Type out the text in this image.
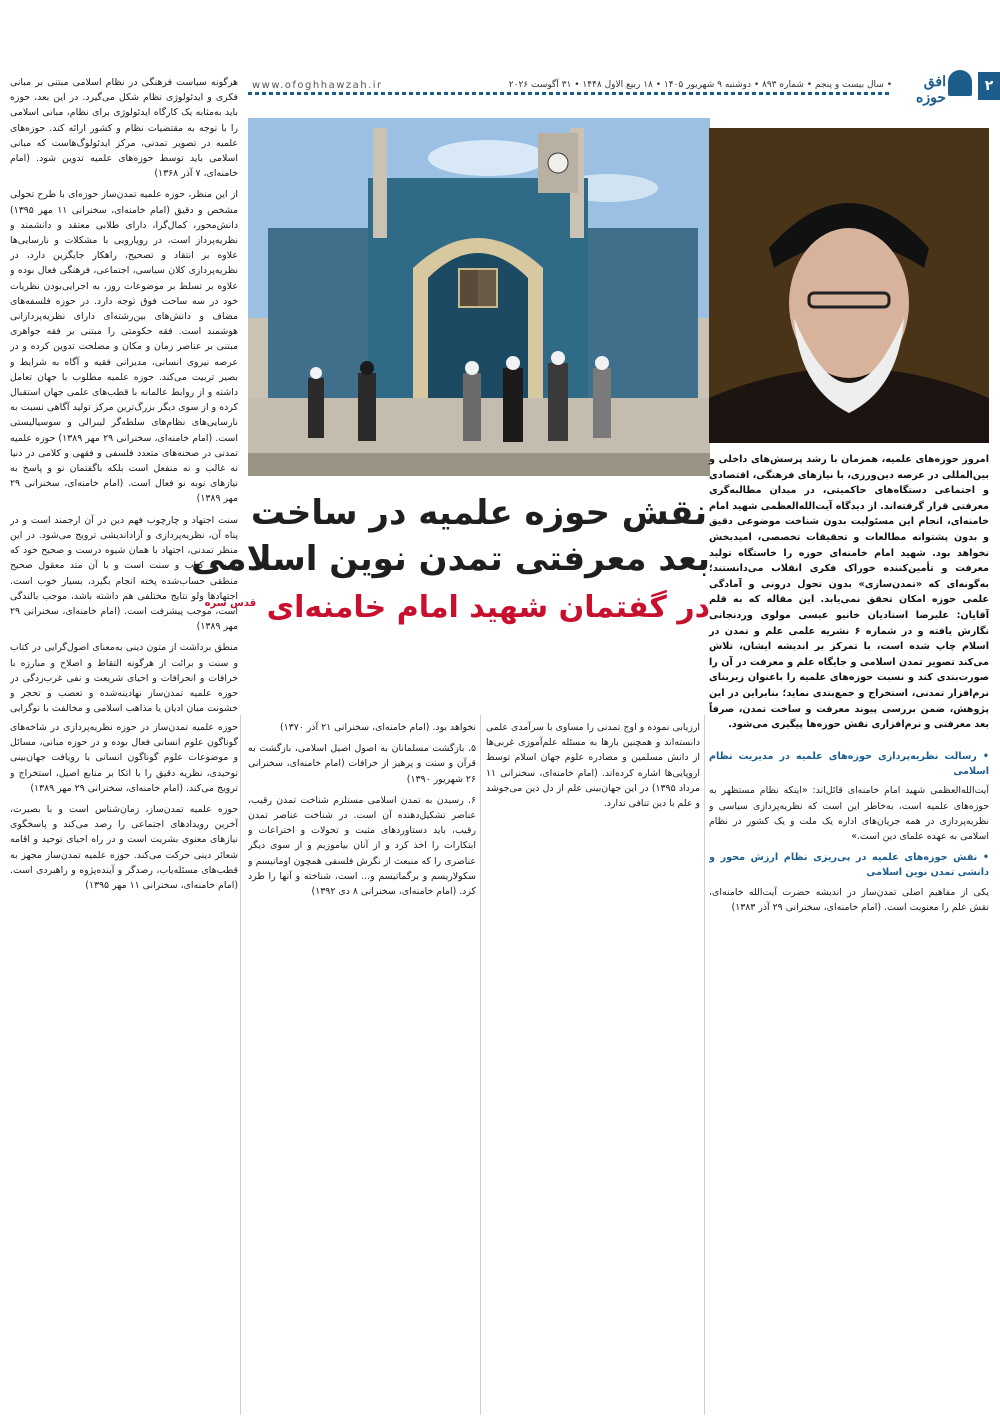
۲
افق حوزه
• سال بیست و پنجم • شماره ۸۹۳ • دوشنبه ۹ شهریور ۱۴۰۵ • ۱۸ ربیع الاول ۱۴۴۸ • ۳۱ آگوست ۲۰۲۶
www.ofoghhawzah.ir

هرگونه سیاست فرهنگی در نظام اسلامی مبتنی بر مبانی فکری و ایدئولوژی نظام شکل می‌گیرد. در این بعد، حوزه باید به‌مثابه یک کارگاه ایدئولوژی برای نظام، مبانی اسلامی را با توجه به مقتضیات نظام و کشور ارائه کند. حوزه‌های علمیه در تصویر تمدنی، مرکز ایدئولوگ‌هاست که مبانی اسلامی باید توسط حوزه‌های علمیه تدوین شود. (امام خامنه‌ای، ۷ آذر ۱۳۶۸)

از این منظر، حوزه علمیه تمدن‌ساز حوزه‌ای با طرح تحولی مشخص و دقیق (امام خامنه‌ای، سخنرانی ۱۱ مهر ۱۳۹۵) دانش‌محور، کمال‌گرا، دارای طلابی معتقد و دانشمند و نظریه‌پرداز است، در رویارویی با مشکلات و نارسایی‌ها علاوه بر انتقاد و تصحیح، راهکار جایگزین دارد، در نظریه‌پردازی کلان سیاسی، اجتماعی، فرهنگی فعال بوده و علاوه بر تسلط بر موضوعات روز، به اجرایی‌بودن نظریات خود در سه ساحت فوق توجه دارد. در حوزه فلسفه‌های مضاف و دانش‌های بین‌رشته‌ای دارای نظریه‌پردازانی هوشمند است. فقه حکومتی را مبتنی بر فقه جواهری مبتنی بر عناصر زمان و مکان و مصلحت تدوین کرده و در عرصه نیروی انسانی، مدیرانی فقیه و آگاه به شرایط و بصیر تربیت می‌کند. حوزه علمیه مطلوب با جهان تعامل داشته و از روابط عالمانه با قطب‌های علمی جهان استقبال کرده و از سوی دیگر بزرگ‌ترین مرکز تولید آگاهی نسبت به نارسایی‌های نظام‌های سلطه‌گر لیبرالی و سوسیالیستی است. (امام خامنه‌ای، سخنرانی ۲۹ مهر ۱۳۸۹) حوزه علمیه تمدنی در صحنه‌های متعدد فلسفی و فقهی و کلامی در دنیا نه غالب و نه منفعل است بلکه باگفتمان نو و پاسخ به نیازهای نوبه نو فعال است. (امام خامنه‌ای، سخنرانی ۲۹ مهر ۱۳۸۹)

سنت اجتهاد و چارچوب فهم دین در آن ارجمند است و در پناه آن، نظریه‌پردازی و آزاداندیشی ترویج می‌شود. در این منظر تمدنی، اجتهاد با همان شیوه درست و صحیح خود که تکیه به کتاب و سنت است و با آن متد معقول صحیح منطقی حساب‌شده پخته انجام بگیرد، بسیار خوب است. اجتهادها ولو نتایج مختلفی هم داشته باشد، موجب بالندگی است، موجب پیشرفت است. (امام خامنه‌ای، سخنرانی ۲۹ مهر ۱۳۸۹)

منطق برداشت از متون دینی به‌معنای اصول‌گرایی در کتاب و سنت و برائت از هرگونه التقاط و اصلاح و مبارزه با خرافات و انحرافات و احیای شریعت و نفی غرب‌زدگی در حوزه علمیه تمدن‌ساز نهادینه‌شده و تعصب و تحجر و خشونت میان ادیان یا مذاهب اسلامی و مخالفت با نوگرایی

امروز حوزه‌های علمیه، همزمان با رشد پرسش‌های داخلی و بین‌المللی در عرصه دین‌ورزی، با نیازهای فرهنگی، اقتصادی و اجتماعی دستگاه‌های حاکمیتی، در میدان مطالبه‌گری معرفتی قرار گرفته‌اند. از دیدگاه آیت‌الله‌العظمی شهید امام خامنه‌ای، انجام این مسئولیت بدون شناخت موضوعی دقیق و بدون پشتوانه مطالعات و تحقیقات تخصصی، امیدبخش نخواهد بود. شهید امام خامنه‌ای حوزه را خاستگاه تولید معرفت و تأمین‌کننده خوراک فکری انقلاب می‌دانستند؛ به‌گونه‌ای که «تمدن‌سازی» بدون تحول درونی و آمادگی علمی حوزه امکان تحقق نمی‌یابد. این مقاله که به قلم آقایان: علیرضا استادیان خانیو عیسی مولوی وردنجانی نگارش یافته و در شماره ۶ نشریه علمی علم و تمدن در اسلام چاپ شده است، با تمرکز بر اندیشه ایشان، تلاش می‌کند تصویر تمدن اسلامی و جایگاه علم و معرفت در آن را صورت‌بندی کند و نسبت حوزه‌های علمیه را با‌عنوان زیربنای نرم‌افزار تمدنی، استخراج و جمع‌بندی نماید؛ بنابراین در این پژوهش، ضمن بررسی پیوند معرفت و ساخت تمدن، صرفاً بعد معرفتی و نرم‌افزاری نقش حوزه‌ها پیگیری می‌شود.
نقش حوزه علمیه در ساخت
بعد معرفتی تمدن نوین اسلامی
در گفتمان شهید امام خامنه‌ای $^{قدس سره}$

حوزه علمیه تمدن‌ساز در حوزه نظریه‌پردازی در شاخه‌های گوناگون علوم انسانی فعال بوده و در حوزه مبانی، مسائل و موضوعات علوم گوناگون انسانی با رویافت جهان‌بینی توحیدی، نظریه دقیق را با اتکا بر منابع اصیل، استخراج و ترویج می‌کند. (امام خامنه‌ای، سخنرانی ۲۹ مهر ۱۳۸۹)

حوزه علمیه تمدن‌ساز، زمان‌شناس است و با بصیرت، آخرین رویدادهای اجتماعی را رصد می‌کند و پاسخگوی نیازهای معنوی بشریت است و در راه احیای توحید و اقامه شعائر دینی حرکت می‌کند. حوزه علمیه تمدن‌ساز مجهز به قطب‌های مسئله‌یاب، رصدگر و آینده‌پژوه و راهبردی است. (امام خامنه‌ای، سخنرانی ۱۱ مهر ۱۳۹۵)

نخواهد بود. (امام خامنه‌ای، سخنرانی ۲۱ آذر ۱۳۷۰)

۵. بازگشت مسلمانان به اصول اصیل اسلامی، بازگشت به قرآن و سنت و پرهیز از خرافات (امام خامنه‌ای، سخنرانی ۲۶ شهریور ۱۳۹۰)

۶. رسیدن به تمدن اسلامی مستلزم شناخت تمدن رقیب، عناصر تشکیل‌دهنده آن است. در شناخت عناصر تمدن رقیب، باید دستاوردهای مثبت و تحولات و اختراعات و ابتکارات را اخذ کرد و از آنان بیاموزیم و از سوی دیگر عناصری را که منبعث از نگرش فلسفی همچون اومانیسم و سکولاریسم و برگماتیسم و... است، شناخته و آنها را طرد کرد. (امام خامنه‌ای، سخنرانی ۸ دی ۱۳۹۲)

ارزیابی نموده و اوج تمدنی را مساوی با سرآمدی علمی دانسته‌اند و همچنین بارها به مسئله علم‌آموزی غربی‌ها از دانش مسلمین و مصادره علوم جهان اسلام توسط اروپایی‌ها اشاره کرده‌اند. (امام خامنه‌ای، سخنرانی ۱۱ مرداد ۱۳۹۵) در این جهان‌بینی علم از دل دین می‌جوشد و علم با دین تنافی ندارد.

• رسالت نظریه‌پردازی حوزه‌های علمیه در مدیریت نظام اسلامی

آیت‌الله‌العظمی شهید امام خامنه‌ای قائل‌اند: «اینکه نظام مستظهر به حوزه‌های علمیه است، به‌خاطر این است که نظریه‌پردازی سیاسی و نظریه‌پردازی در همه جریان‌های اداره یک ملت و یک کشور در نظام اسلامی به عهده علمای دین است.»

• نقش حوزه‌های علمیه در پی‌ریزی نظام ارزش محور و دانشی تمدن نوین اسلامی

یکی از مفاهیم اصلی تمدن‌ساز در اندیشه حضرت آیت‌الله خامنه‌ای، نقش علم را معنویت است. (امام خامنه‌ای، سخنرانی ۲۹ آذر ۱۳۸۳)
